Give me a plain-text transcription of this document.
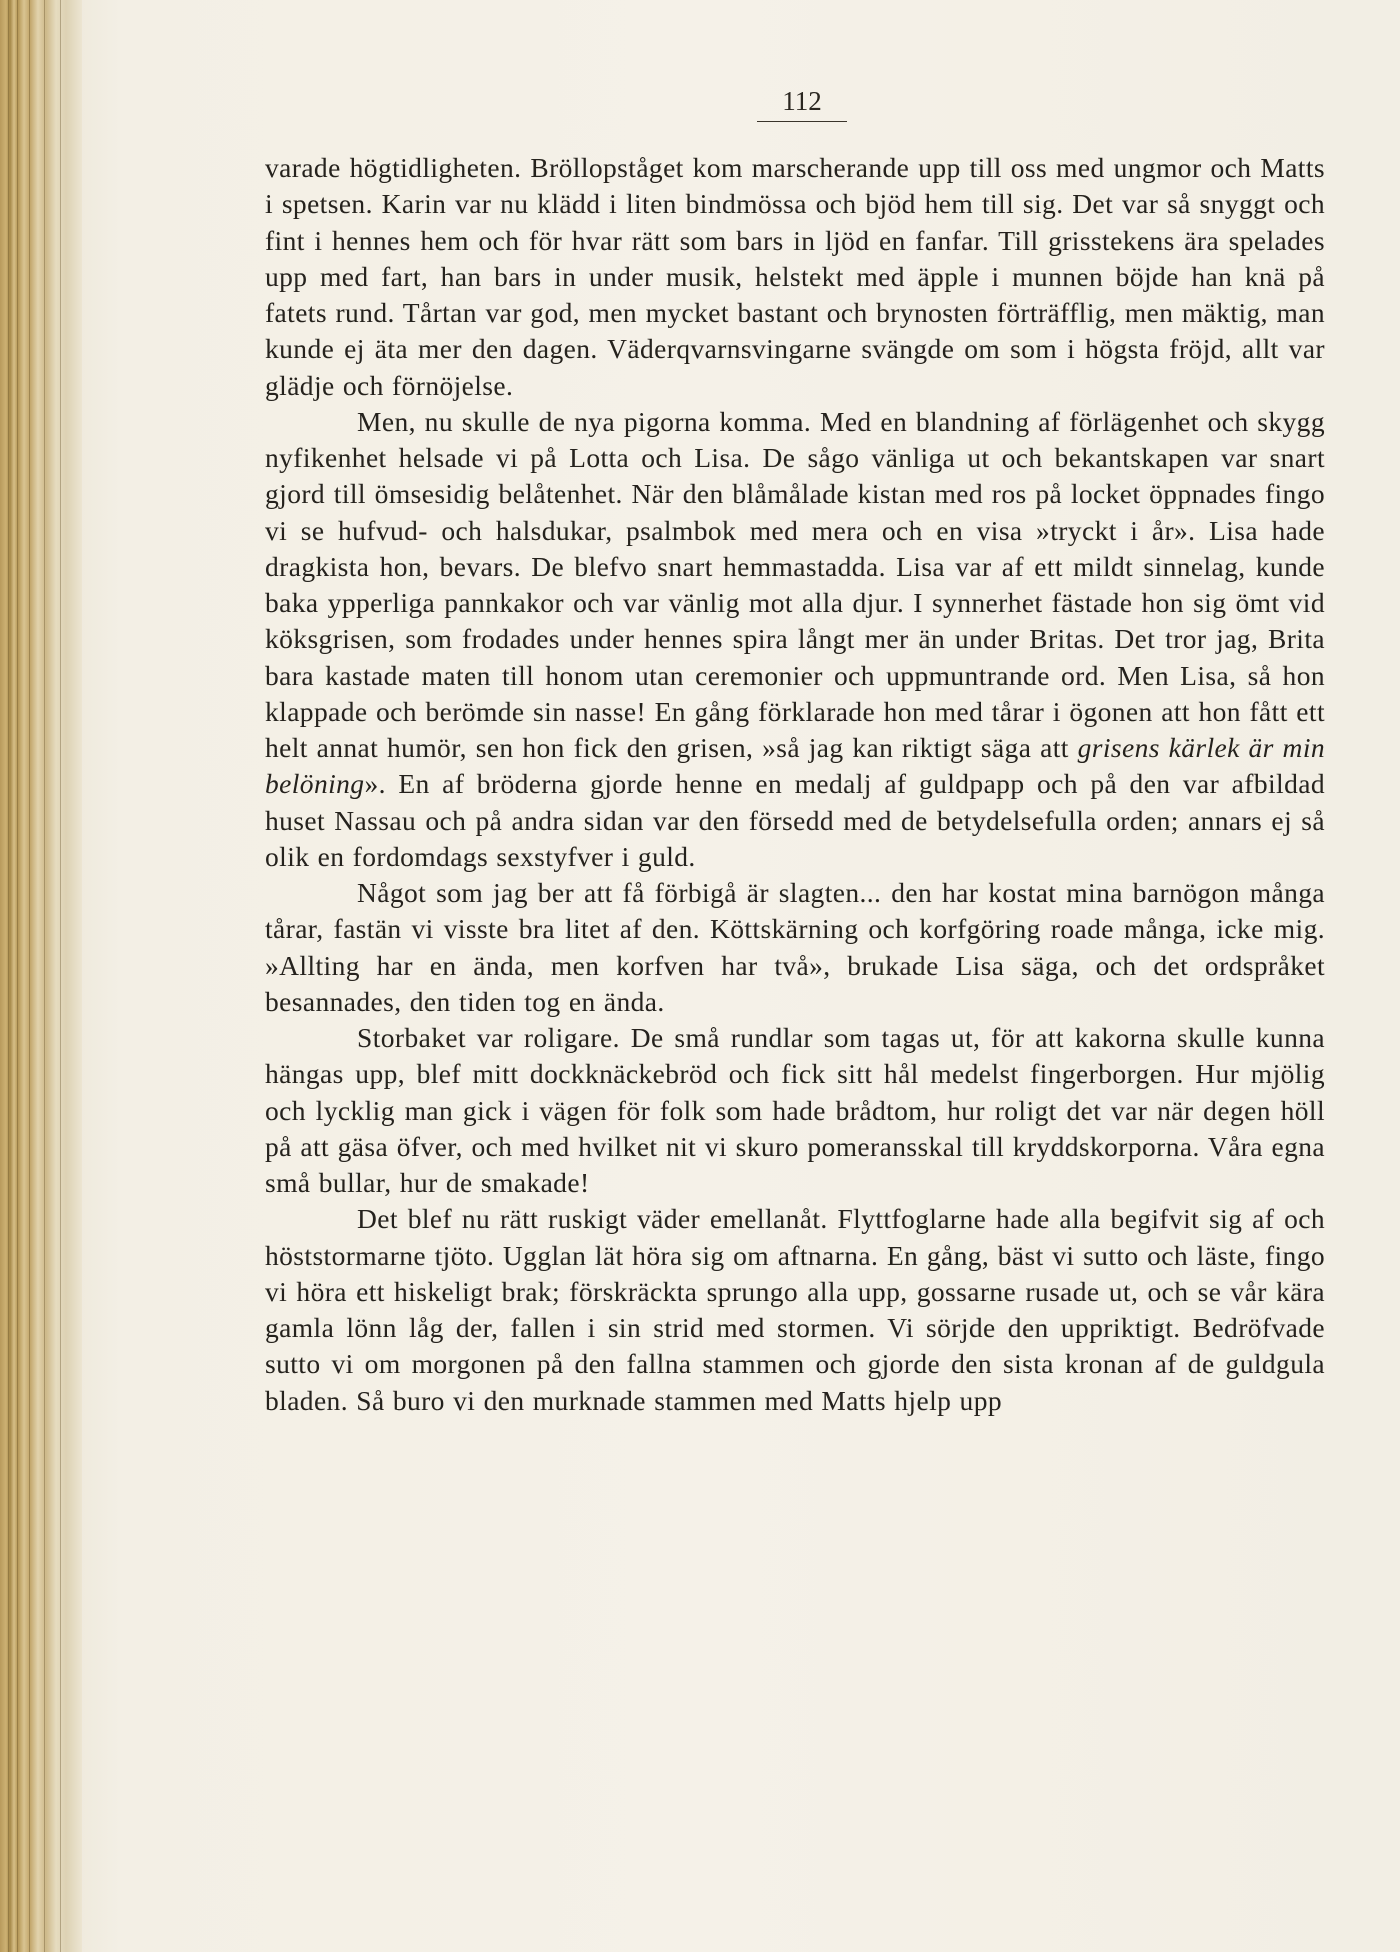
112

varade högtidligheten. Bröllopståget kom marscherande upp till oss med ungmor och Matts i spetsen. Karin var nu klädd i liten bindmössa och bjöd hem till sig. Det var så snyggt och fint i hennes hem och för hvar rätt som bars in ljöd en fanfar. Till grisstekens ära spelades upp med fart, han bars in under musik, helstekt med äpple i munnen böjde han knä på fatets rund. Tårtan var god, men mycket bastant och brynosten förträfflig, men mäktig, man kunde ej äta mer den dagen. Väderqvarnsvingarne svängde om som i högsta fröjd, allt var glädje och förnöjelse.

Men, nu skulle de nya pigorna komma. Med en blandning af förlägenhet och skygg nyfikenhet helsade vi på Lotta och Lisa. De sågo vänliga ut och bekantskapen var snart gjord till ömsesidig belåtenhet. När den blåmålade kistan med ros på locket öppnades fingo vi se hufvud- och halsdukar, psalmbok med mera och en visa »tryckt i år». Lisa hade dragkista hon, bevars. De blefvo snart hemmastadda. Lisa var af ett mildt sinnelag, kunde baka ypperliga pannkakor och var vänlig mot alla djur. I synnerhet fästade hon sig ömt vid köksgrisen, som frodades under hennes spira långt mer än under Britas. Det tror jag, Brita bara kastade maten till honom utan ceremonier och uppmuntrande ord. Men Lisa, så hon klappade och berömde sin nasse! En gång förklarade hon med tårar i ögonen att hon fått ett helt annat humör, sen hon fick den grisen, »så jag kan riktigt säga att grisens kärlek är min belöning». En af bröderna gjorde henne en medalj af guldpapp och på den var afbildad huset Nassau och på andra sidan var den försedd med de betydelsefulla orden; annars ej så olik en fordomdags sexstyfver i guld.

Något som jag ber att få förbigå är slagten... den har kostat mina barnögon många tårar, fastän vi visste bra litet af den. Köttskärning och korfgöring roade många, icke mig. »Allting har en ända, men korfven har två», brukade Lisa säga, och det ordspråket besannades, den tiden tog en ända.

Storbaket var roligare. De små rundlar som tagas ut, för att kakorna skulle kunna hängas upp, blef mitt dockknäckebröd och fick sitt hål medelst fingerborgen. Hur mjölig och lycklig man gick i vägen för folk som hade brådtom, hur roligt det var när degen höll på att gäsa öfver, och med hvilket nit vi skuro pomeransskal till kryddskorporna. Våra egna små bullar, hur de smakade!

Det blef nu rätt ruskigt väder emellanåt. Flyttfoglarne hade alla begifvit sig af och höststormarne tjöto. Ugglan lät höra sig om aftnarna. En gång, bäst vi sutto och läste, fingo vi höra ett hiskeligt brak; förskräckta sprungo alla upp, gossarne rusade ut, och se vår kära gamla lönn låg der, fallen i sin strid med stormen. Vi sörjde den uppriktigt. Bedröfvade sutto vi om morgonen på den fallna stammen och gjorde den sista kronan af de guldgula bladen. Så buro vi den murknade stammen med Matts hjelp upp
